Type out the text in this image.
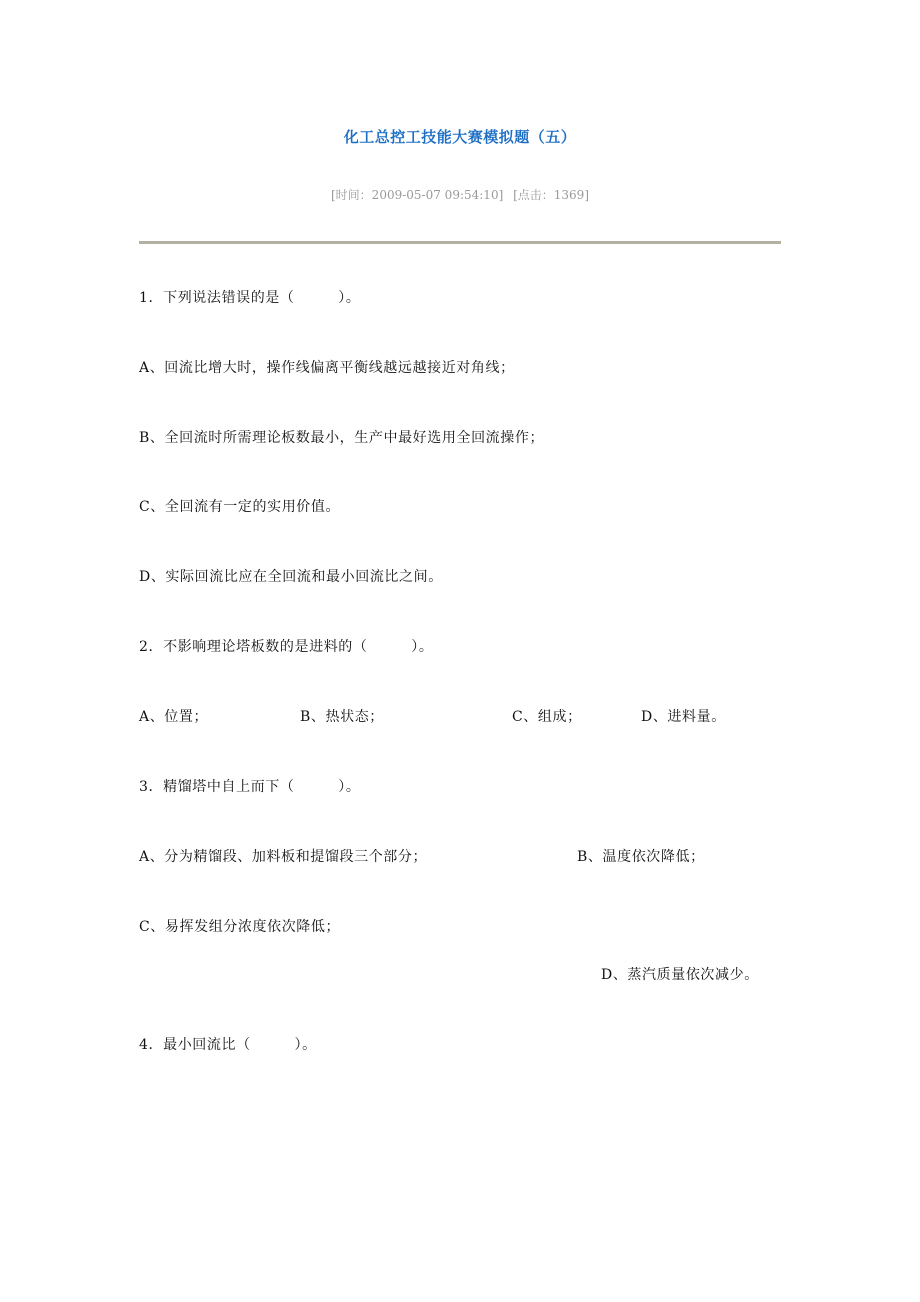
化工总控工技能大赛模拟题（五）
[时间：2009-05-07 09:54:10] [点击：1369]
1．下列说法错误的是（　　　）。
A、回流比增大时，操作线偏离平衡线越远越接近对角线；
B、全回流时所需理论板数最小，生产中最好选用全回流操作；
C、全回流有一定的实用价值。
D、实际回流比应在全回流和最小回流比之间。
2．不影响理论塔板数的是进料的（　　　）。
A、位置；	B、热状态；	C、组成；	D、进料量。
3．精馏塔中自上而下（　　　）。
A、分为精馏段、加料板和提馏段三个部分；	B、温度依次降低；
C、易挥发组分浓度依次降低；
D、蒸汽质量依次减少。
4．最小回流比（　　　）。
